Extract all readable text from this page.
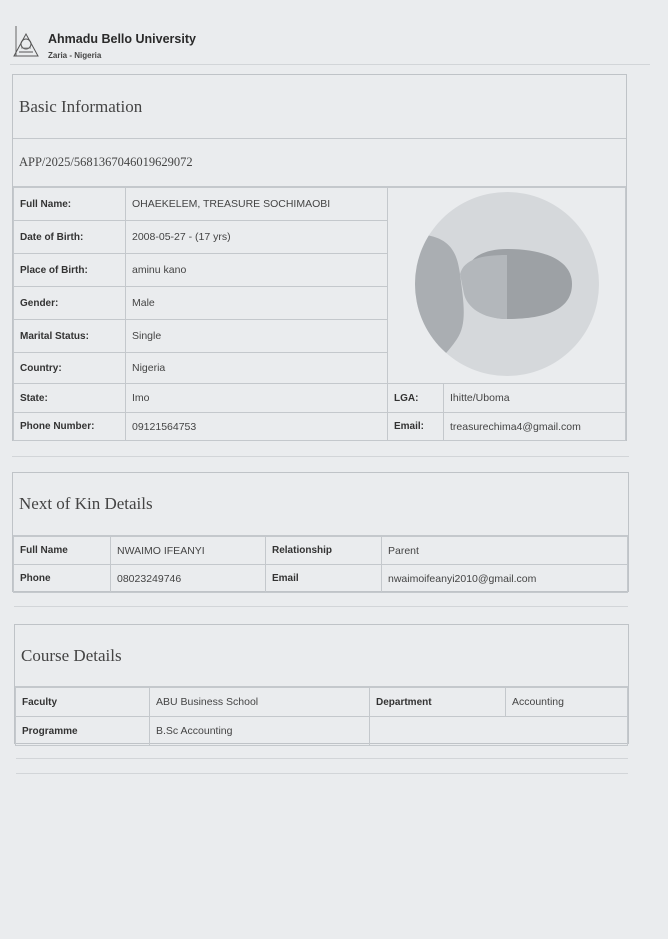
Ahmadu Bello University
Zaria - Nigeria
Basic Information
APP/2025/5681367046019629072
Full Name:	OHAEKELEM, TREASURE SOCHIMAOBI	
Date of Birth:	2008-05-27 - (17 yrs)		
Place of Birth:	aminu kano		
Gender:	Male		
Marital Status:	Single		
Country:	Nigeria		
State:	Imo	LGA:	Ihitte/Uboma
Phone Number:	09121564753	Email:	treasurechima4@gmail.com
Next of Kin Details
Full Name	NWAIMO IFEANYI	Relationship	Parent
Phone	08023249746	Email	nwaimoifeanyi2010@gmail.com
Course Details
Faculty	ABU Business School	Department	Accounting
Programme	B.Sc Accounting		
